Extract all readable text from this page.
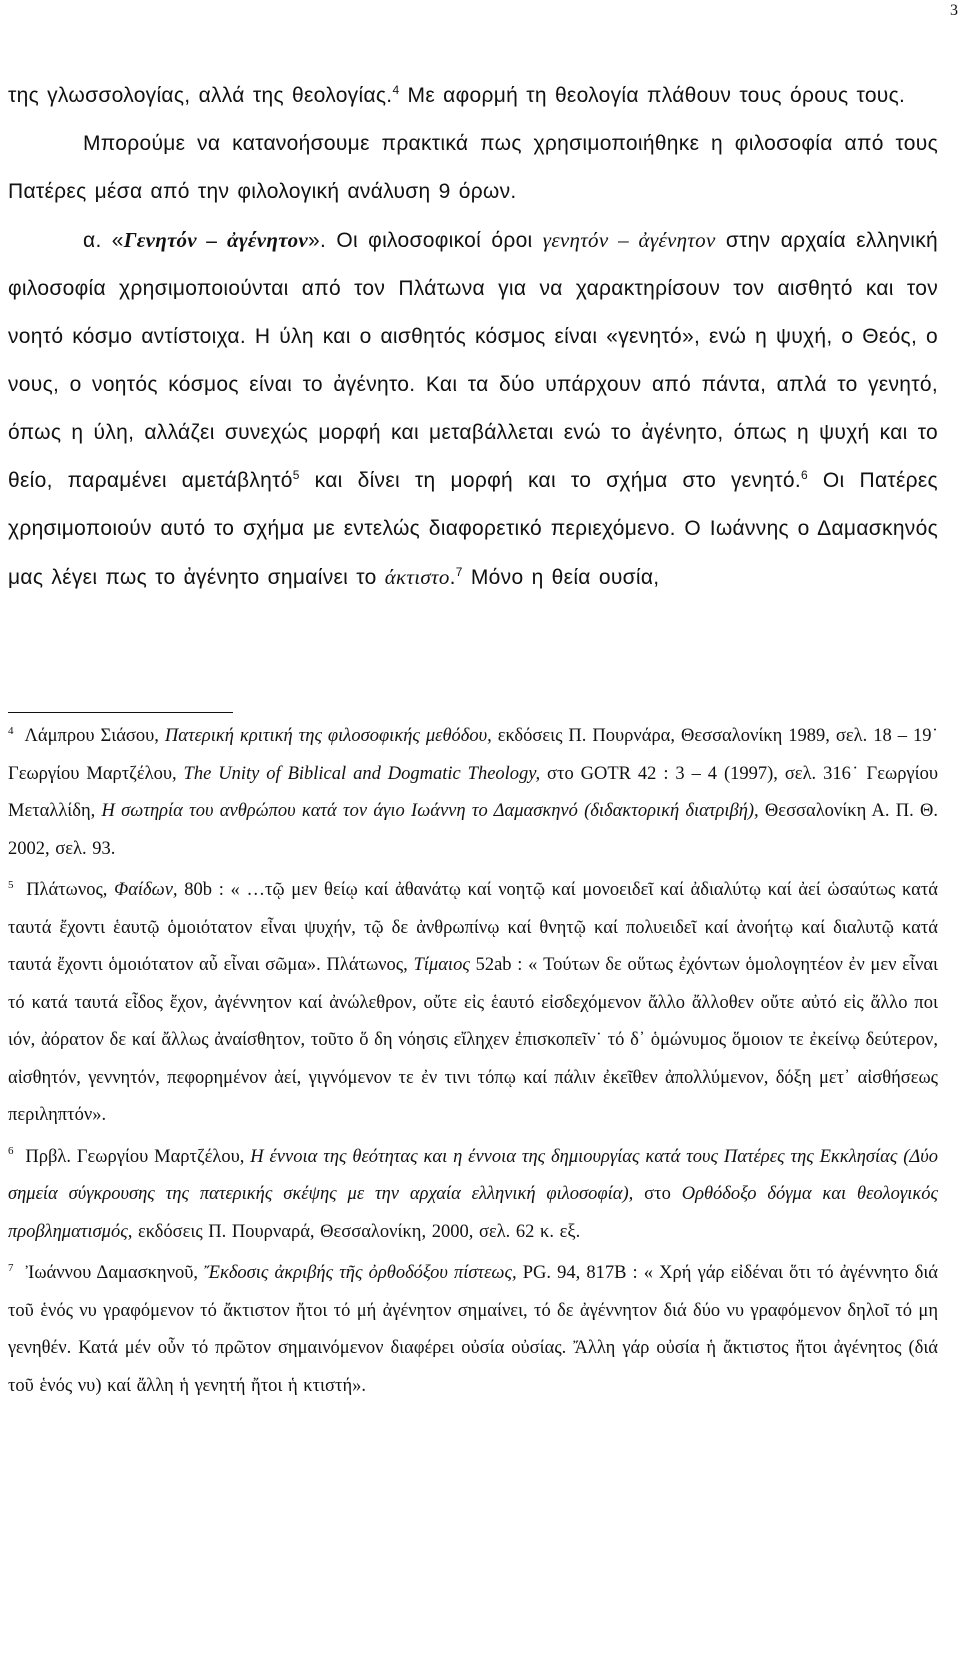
3

της γλωσσολογίας, αλλά της θεολογίας.$^4$ Με αφορμή τη θεολογία πλάθουν τους όρους τους.

Μπορούμε να κατανοήσουμε πρακτικά πως χρησιμοποιήθηκε η φιλοσοφία από τους Πατέρες μέσα από την φιλολογική ανάλυση 9 όρων.

α. «Γενητόν – ἀγένητον». Οι φιλοσοφικοί όροι γενητόν – ἀγένητον στην αρχαία ελληνική φιλοσοφία χρησιμοποιούνται από τον Πλάτωνα για να χαρακτηρίσουν τον αισθητό και τον νοητό κόσμο αντίστοιχα. Η ύλη και ο αισθητός κόσμος είναι «γενητό», ενώ η ψυχή, ο Θεός, ο νους, ο νοητός κόσμος είναι το ἀγένητο. Και τα δύο υπάρχουν από πάντα, απλά το γενητό, όπως η ύλη, αλλάζει συνεχώς μορφή και μεταβάλλεται ενώ το ἀγένητο, όπως η ψυχή και το θείο, παραμένει αμετάβλητό$^5$ και δίνει τη μορφή και το σχήμα στο γενητό.$^6$ Οι Πατέρες χρησιμοποιούν αυτό το σχήμα με εντελώς διαφορετικό περιεχόμενο. Ο Ιωάννης ο Δαμασκηνός μας λέγει πως το ἀγένητο σημαίνει το άκτιστο.$^7$ Μόνο η θεία ουσία,

$^4$ Λάμπρου Σιάσου, Πατερική κριτική της φιλοσοφικής μεθόδου, εκδόσεις Π. Πουρνάρα, Θεσσαλονίκη 1989, σελ. 18 – 19˙ Γεωργίου Μαρτζέλου, The Unity of Biblical and Dogmatic Theology, στο GOTR 42 : 3 – 4 (1997), σελ. 316˙ Γεωργίου Μεταλλίδη, Η σωτηρία του ανθρώπου κατά τον άγιο Ιωάννη το Δαμασκηνό (διδακτορική διατριβή), Θεσσαλονίκη Α. Π. Θ. 2002, σελ. 93.

$^5$ Πλάτωνος, Φαίδων, 80b : « …τῷ μεν θείῳ καί ἀθανάτῳ καί νοητῷ καί μονοειδεῖ καί ἀδιαλύτῳ καί ἀεί ὡσαύτως κατά ταυτά ἔχοντι ἑαυτῷ ὁμοιότατον εἶναι ψυχήν, τῷ δε ἀνθρωπίνῳ καί θνητῷ καί πολυειδεῖ καί ἀνοήτῳ καί διαλυτῷ κατά ταυτά ἔχοντι ὁμοιότατον αὖ εἶναι σῶμα». Πλάτωνος, Τίμαιος 52ab : « Τούτων δε οὕτως ἐχόντων ὁμολογητέον ἐν μεν εἶναι τό κατά ταυτά εἶδος ἔχον, ἀγέννητον καί ἀνώλεθρον, οὔτε εἰς ἑαυτό εἰσδεχόμενον ἄλλο ἄλλοθεν οὔτε αὐτό εἰς ἄλλο ποι ιόν, ἀόρατον δε καί ἄλλως ἀναίσθητον, τοῦτο ὅ δη νόησις εἴληχεν ἐπισκοπεῖν˙ τό δ᾽ ὁμώνυμος ὅμοιον τε ἐκείνῳ δεύτερον, αἰσθητόν, γεννητόν, πεφορημένον ἀεί, γιγνόμενον τε ἐν τινι τόπῳ καί πάλιν ἐκεῖθεν ἀπολλύμενον, δόξη μετ᾽ αἰσθήσεως περιληπτόν».

$^6$ Πρβλ. Γεωργίου Μαρτζέλου, Η έννοια της θεότητας και η έννοια της δημιουργίας κατά τους Πατέρες της Εκκλησίας (Δύο σημεία σύγκρουσης της πατερικής σκέψης με την αρχαία ελληνική φιλοσοφία), στο Ορθόδοξο δόγμα και θεολογικός προβληματισμός, εκδόσεις Π. Πουρναρά, Θεσσαλονίκη, 2000, σελ. 62 κ. εξ.

$^7$ Ἰωάννου Δαμασκηνοῦ, Ἔκδοσις ἀκριβής τῆς ὀρθοδόξου πίστεως, PG. 94, 817B : « Χρή γάρ εἰδέναι ὅτι τό ἀγέννητο διά τοῦ ἑνός νυ γραφόμενον τό ἄκτιστον ἤτοι τό μή ἀγένητον σημαίνει, τό δε ἀγέννητον διά δύο νυ γραφόμενον δηλοῖ τό μη γενηθέν. Κατά μέν οὖν τό πρῶτον σημαινόμενον διαφέρει οὐσία οὐσίας. Ἄλλη γάρ οὐσία ἡ ἄκτιστος ἤτοι ἀγένητος (διά τοῦ ἑνός νυ) καί ἄλλη ἡ γενητή ἤτοι ἡ κτιστή».
